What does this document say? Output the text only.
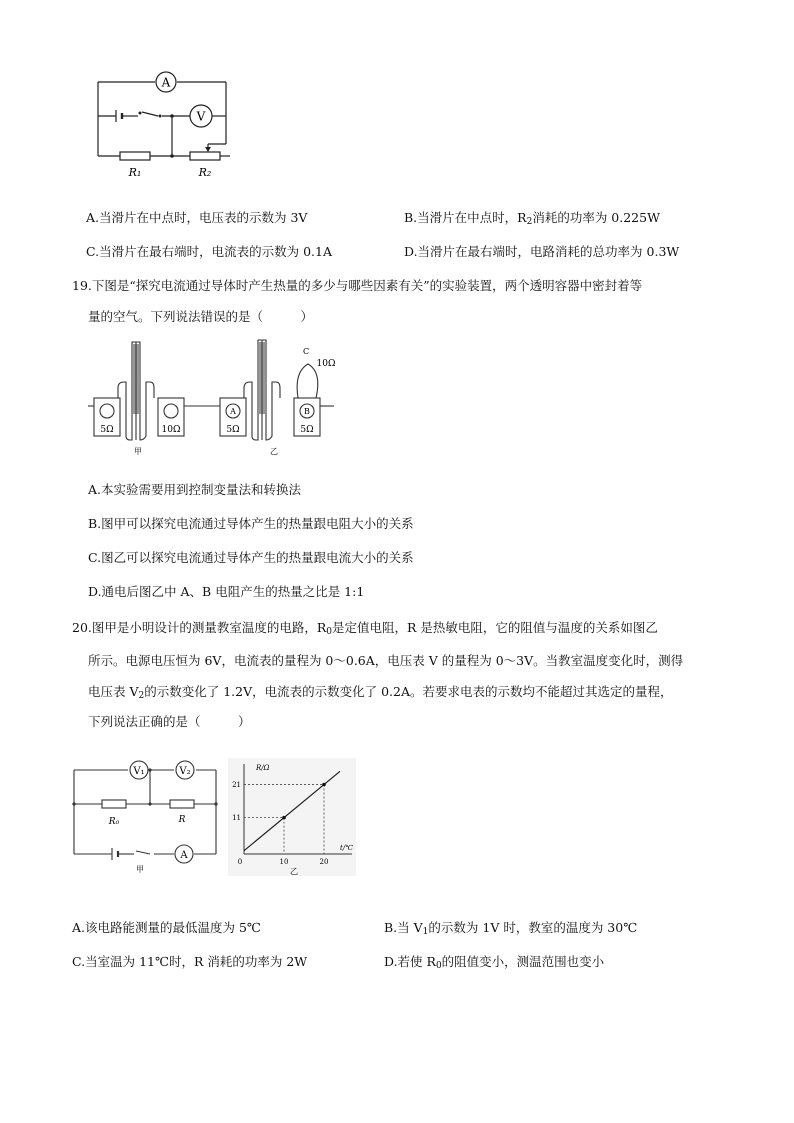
A
V
R₁	R₂
A.当滑片在中点时，电压表的示数为 3V	B.当滑片在中点时，$R_2$消耗的功率为 0.225W
C.当滑片在最右端时，电流表的示数为 0.1A	D.当滑片在最右端时，电路消耗的总功率为 0.3W
19.下图是“探究电流通过导体时产生热量的多少与哪些因素有关”的实验装置，两个透明容器中密封着等
量的空气。下列说法错误的是（　　　）
5Ω	10Ω
甲
A	B
C
5Ω	5Ω
10Ω
乙
A.本实验需要用到控制变量法和转换法
B.图甲可以探究电流通过导体产生的热量跟电阻大小的关系
C.图乙可以探究电流通过导体产生的热量跟电流大小的关系
D.通电后图乙中 A、B 电阻产生的热量之比是 1:1
20.图甲是小明设计的测量教室温度的电路，$R_0$是定值电阻，R 是热敏电阻，它的阻值与温度的关系如图乙
所示。电源电压恒为 6V，电流表的量程为 0～0.6A，电压表 V 的量程为 0～3V。当教室温度变化时，测得
电压表 $V_2$的示数变化了 1.2V，电流表的示数变化了 0.2A。若要求电表的示数均不能超过其选定的量程，
下列说法正确的是（　　　）
V₁	V₂
A
R₀	R
甲
R/Ω
t/℃
0
21
11
10	20
乙
A.该电路能测量的最低温度为 5℃	B.当 $V_1$的示数为 1V 时，教室的温度为 30℃
C.当室温为 11℃时，R 消耗的功率为 2W	D.若使 $R_0$的阻值变小，测温范围也变小
